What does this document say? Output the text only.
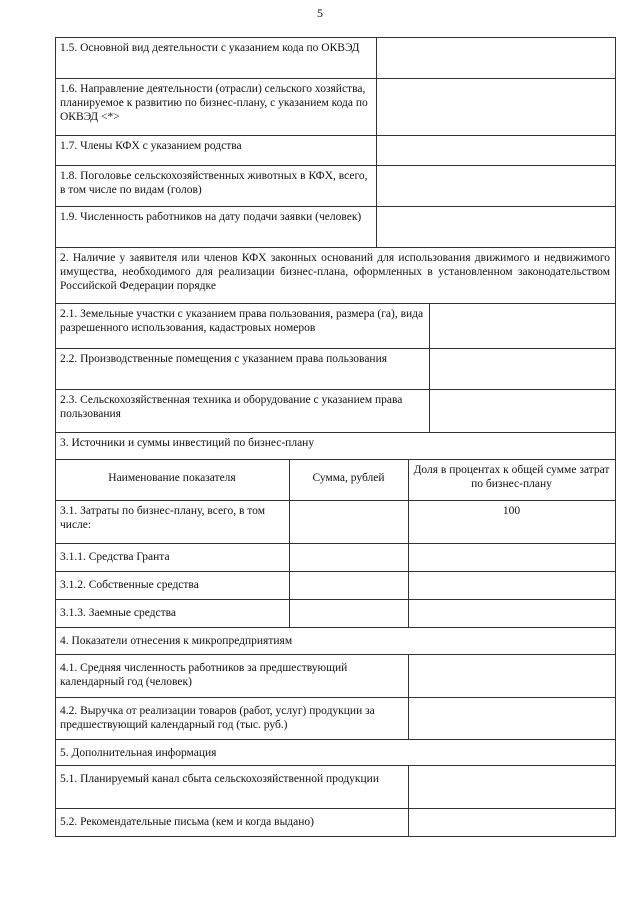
5
1.5. Основной вид деятельности с указанием кода по ОКВЭД
1.6. Направление деятельности (отрасли) сельского хозяйства, планируемое к развитию по бизнес-плану, с указанием кода по ОКВЭД <*>
1.7. Члены КФХ с указанием родства
1.8. Поголовье сельскохозяйственных животных в КФХ, всего, в том числе по видам (голов)
1.9. Численность работников на дату подачи заявки (человек)
2. Наличие у заявителя или членов КФХ законных оснований для использования движимого и недвижимого имущества, необходимого для реализации бизнес-плана, оформленных в установленном законодательством Российской Федерации порядке
2.1. Земельные участки с указанием права пользования, размера (га), вида разрешенного использования, кадастровых номеров
2.2. Производственные помещения с указанием права пользования
2.3. Сельскохозяйственная техника и оборудование с указанием права пользования
3. Источники и суммы инвестиций по бизнес-плану
Наименование показателя	Сумма, рублей
Доля в процентах к общей сумме затрат по бизнес-плану
3.1. Затраты по бизнес-плану, всего, в том числе:
100
3.1.1. Средства Гранта
3.1.2. Собственные средства
3.1.3. Заемные средства
4. Показатели отнесения к микропредприятиям
4.1. Средняя численность работников за предшествующий календарный год (человек)
4.2. Выручка от реализации товаров (работ, услуг) продукции за предшествующий календарный год (тыс. руб.)
5. Дополнительная информация
5.1. Планируемый канал сбыта сельскохозяйственной продукции
5.2. Рекомендательные письма (кем и когда выдано)
